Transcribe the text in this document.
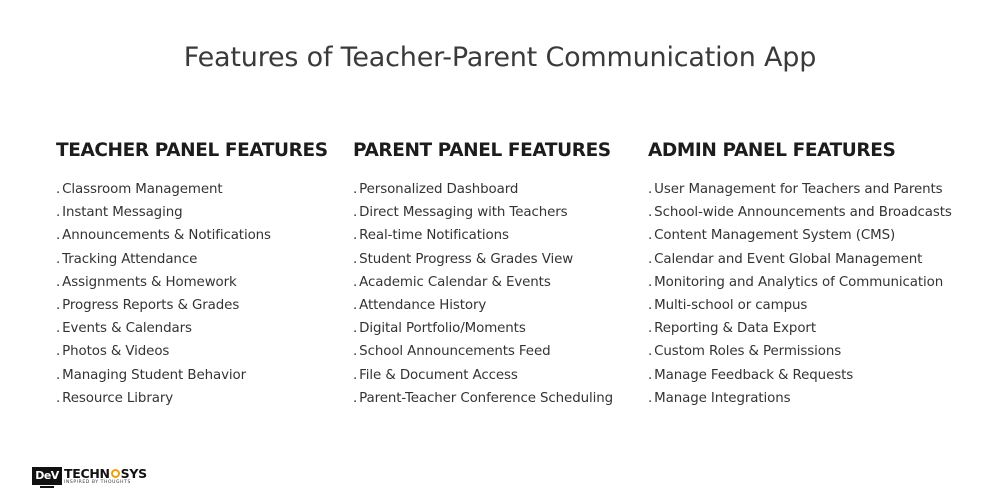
Features of Teacher-Parent Communication App
TEACHER PANEL FEATURES
. Classroom Management
. Instant Messaging
. Announcements & Notifications
. Tracking Attendance
. Assignments & Homework
. Progress Reports & Grades
. Events & Calendars
. Photos & Videos
. Managing Student Behavior
. Resource Library
PARENT PANEL FEATURES
. Personalized Dashboard
. Direct Messaging with Teachers
. Real-time Notifications
. Student Progress & Grades View
. Academic Calendar & Events
. Attendance History
. Digital Portfolio/Moments
. School Announcements Feed
. File & Document Access
. Parent-Teacher Conference Scheduling
ADMIN PANEL FEATURES
. User Management for Teachers and Parents
. School-wide Announcements and Broadcasts
. Content Management System (CMS)
. Calendar and Event Global Management
. Monitoring and Analytics of Communication
. Multi-school or campus
. Reporting & Data Export
. Custom Roles & Permissions
. Manage Feedback & Requests
. Manage Integrations
DeV TECHN SYS
INSPIRED BY THOUGHTS
